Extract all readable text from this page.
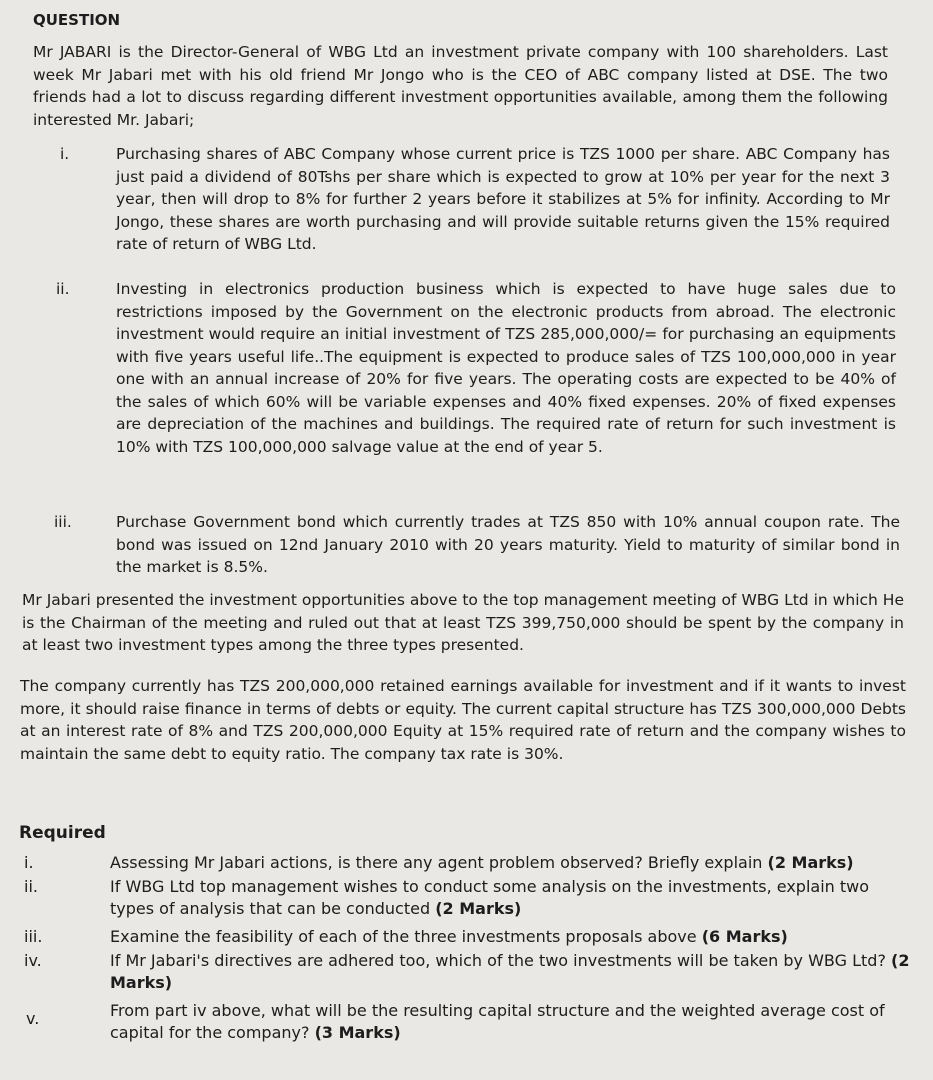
QUESTION

Mr JABARI is the Director-General of WBG Ltd an investment private company with 100 shareholders. Last week Mr Jabari met with his old friend Mr Jongo who is the CEO of ABC company listed at DSE. The two friends had a lot to discuss regarding different investment opportunities available, among them the following interested Mr. Jabari;

i.	Purchasing shares of ABC Company whose current price is TZS 1000 per share. ABC Company has just paid a dividend of 80Tshs per share which is expected to grow at 10% per year for the next 3 year, then will drop to 8% for further 2 years before it stabilizes at 5% for infinity. According to Mr Jongo, these shares are worth purchasing and will provide suitable returns given the 15% required rate of return of WBG Ltd.

ii.	Investing in electronics production business which is expected to have huge sales due to restrictions imposed by the Government on the electronic products from abroad. The electronic investment would require an initial investment of TZS 285,000,000/= for purchasing an equipments with five years useful life..The equipment is expected to produce sales of TZS 100,000,000 in year one with an annual increase of 20% for five years. The operating costs are expected to be 40% of the sales of which 60% will be variable expenses and 40% fixed expenses. 20% of fixed expenses are depreciation of the machines and buildings. The required rate of return for such investment is 10% with TZS 100,000,000 salvage value at the end of year 5.

iii.	Purchase Government bond which currently trades at TZS 850 with 10% annual coupon rate. The bond was issued on 12nd January 2010 with 20 years maturity. Yield to maturity of similar bond in the market is 8.5%.

Mr Jabari presented the investment opportunities above to the top management meeting of WBG Ltd in which He is the Chairman of the meeting and ruled out that at least TZS 399,750,000 should be spent by the company in at least two investment types among the three types presented.

The company currently has TZS 200,000,000 retained earnings available for investment and if it wants to invest more, it should raise finance in terms of debts or equity. The current capital structure has TZS 300,000,000 Debts at an interest rate of 8% and TZS 200,000,000 Equity at 15% required rate of return and the company wishes to maintain the same debt to equity ratio. The company tax rate is 30%.

Required
i.	Assessing Mr Jabari actions, is there any agent problem observed? Briefly explain (2 Marks)

ii.	If WBG Ltd top management wishes to conduct some analysis on the investments, explain two types of analysis that can be conducted (2 Marks)

iii.	Examine the feasibility of each of the three investments proposals above (6 Marks)

iv.	If Mr Jabari's directives are adhered too, which of the two investments will be taken by WBG Ltd? (2 Marks)

v.	From part iv above, what will be the resulting capital structure and the weighted average cost of capital for the company? (3 Marks)
